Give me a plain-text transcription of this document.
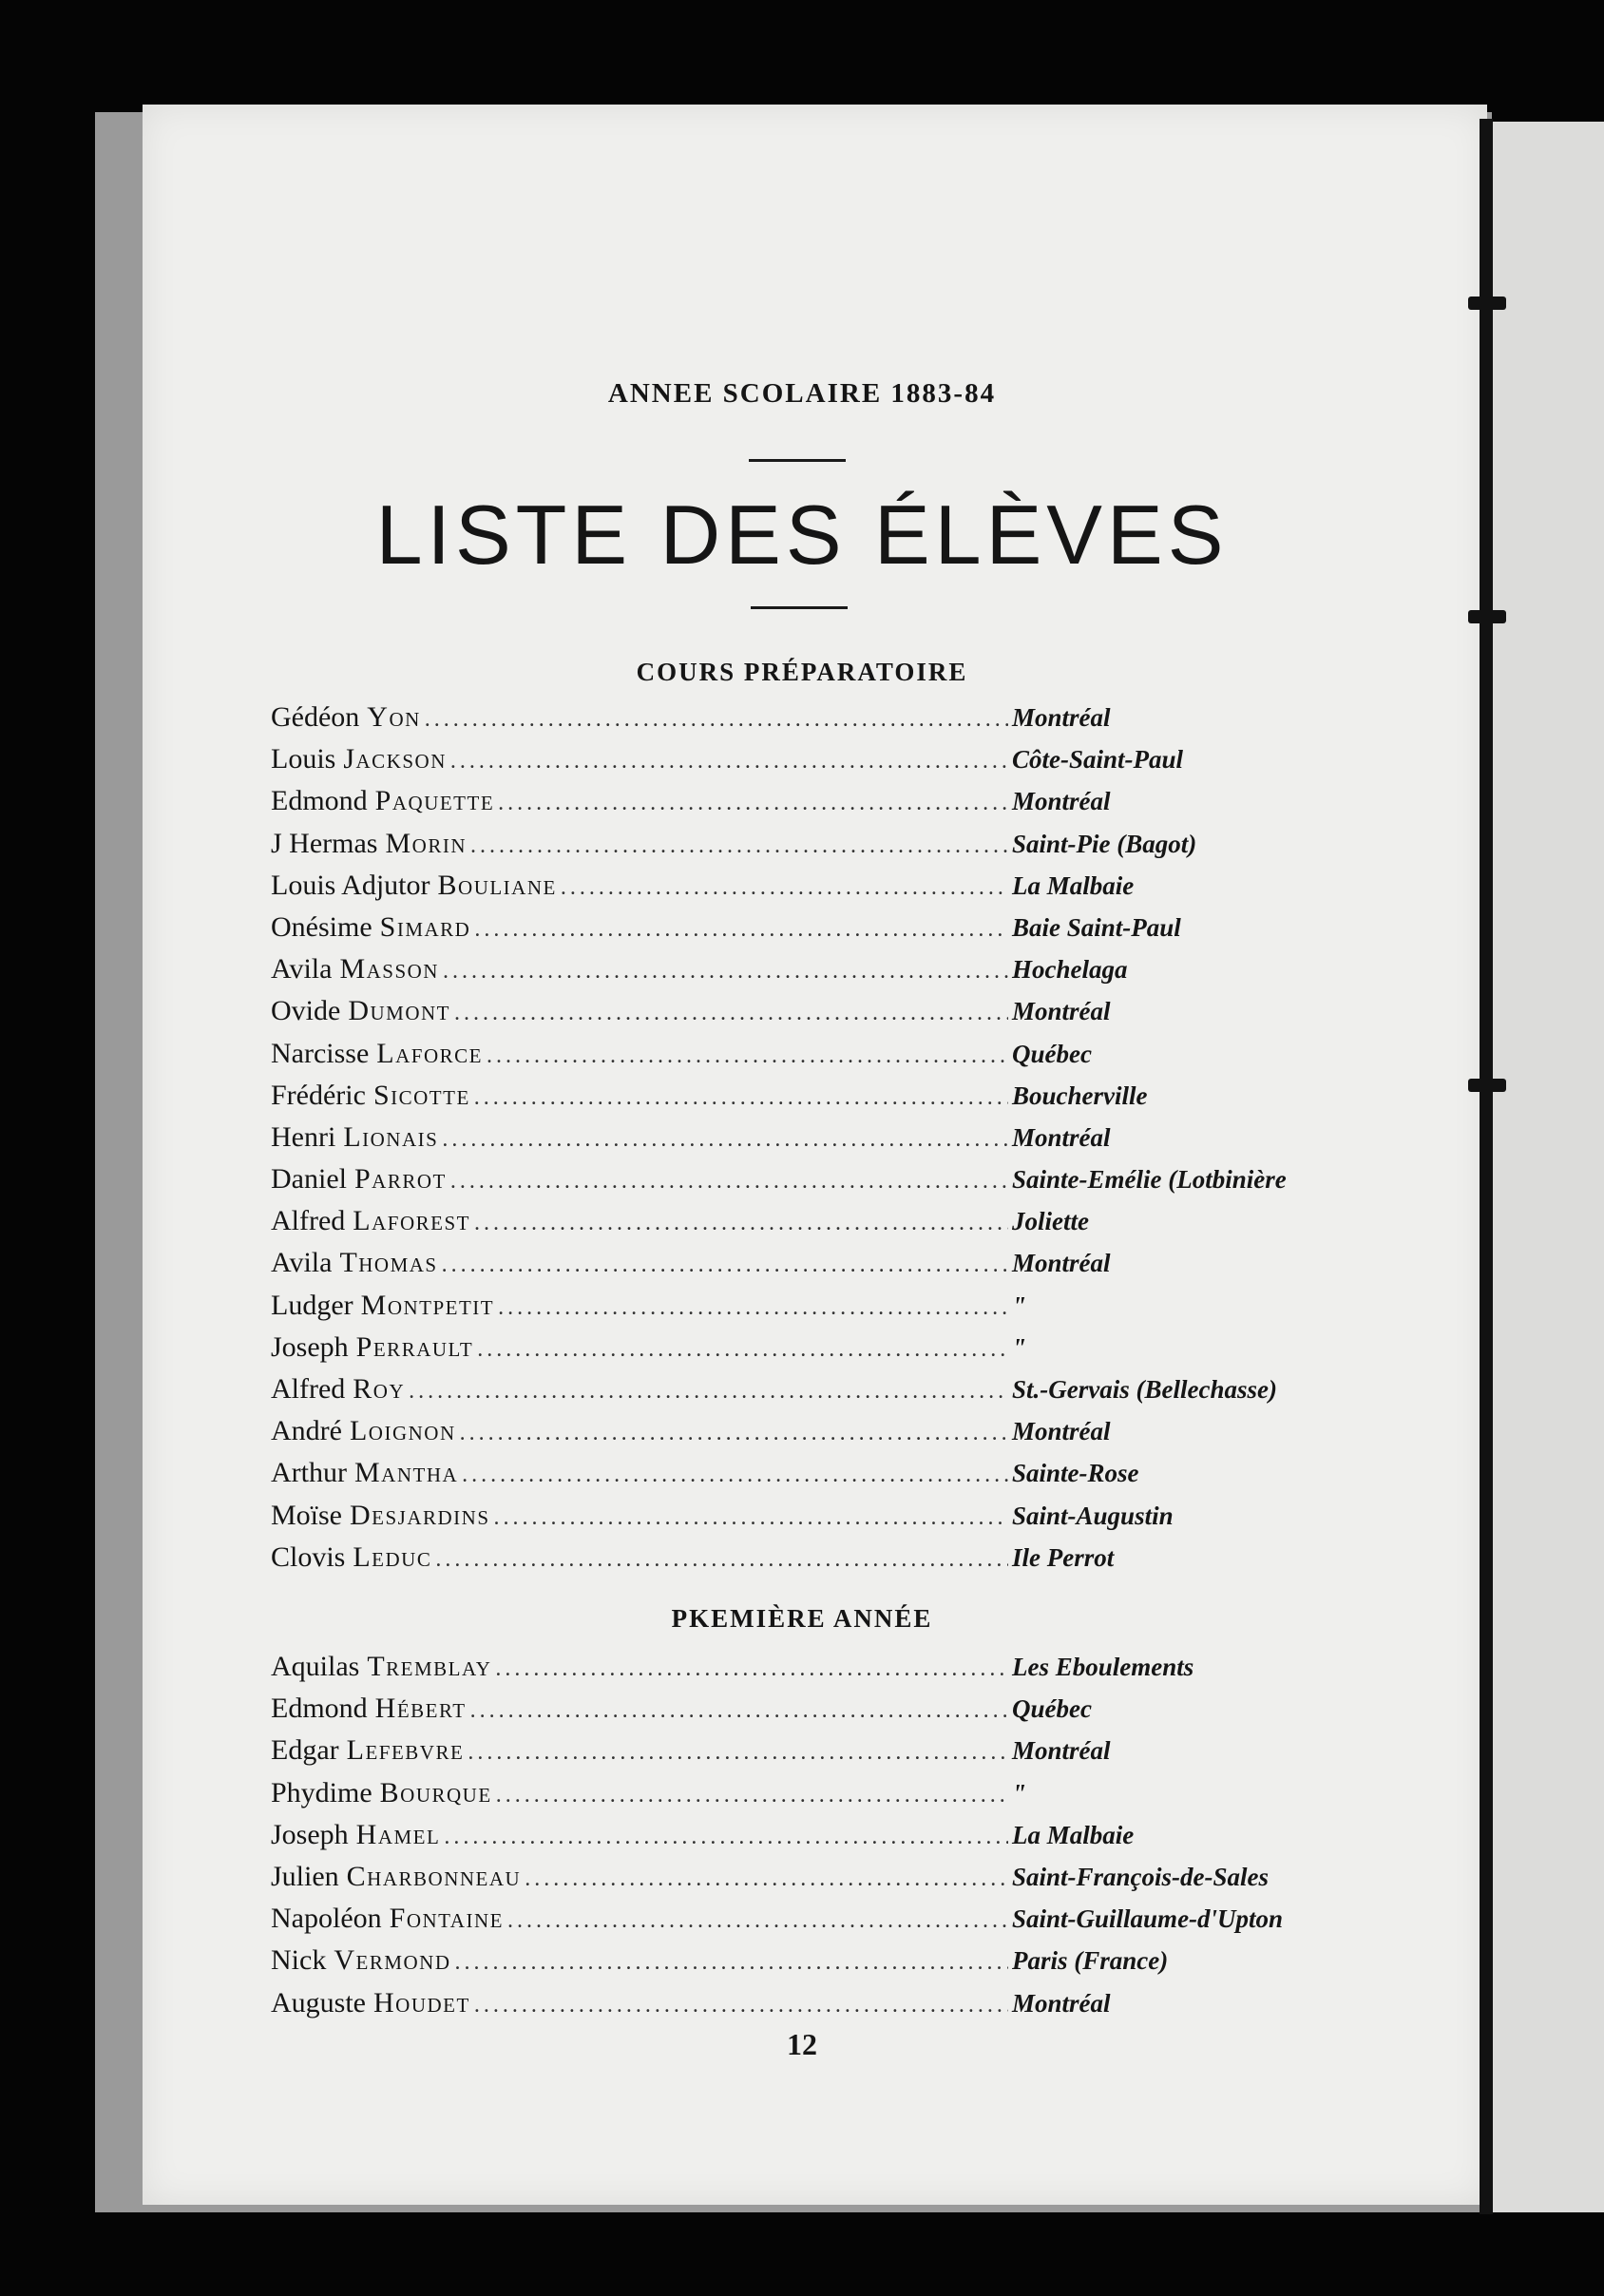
ANNEE SCOLAIRE 1883-84
LISTE DES ÉLÈVES
COURS PRÉPARATOIRE
Gédéon Yon .....	Montréal
Louis Jackson .....	Côte-Saint-Paul
Edmond Paquette .....	Montréal
J Hermas Morin .....	Saint-Pie (Bagot)
Louis Adjutor Bouliane .....	La Malbaie
Onésime Simard .....	Baie Saint-Paul
Avila Masson .....	Hochelaga
Ovide Dumont .....	Montréal
Narcisse Laforce .....	Québec
Frédéric Sicotte .....	Boucherville
Henri Lionais .....	Montréal
Daniel Parrot .....	Sainte-Emélie (Lotbinière
Alfred Laforest .....	Joliette
Avila Thomas .....	Montréal
Ludger Montpetit .....	"
Joseph Perrault .....	"
Alfred Roy .....	St.-Gervais (Bellechasse)
André Loignon .....	Montréal
Arthur Mantha .....	Sainte-Rose
Moïse Desjardins .....	Saint-Augustin
Clovis Leduc .....	Ile Perrot
PKEMIÈRE ANNÉE
Aquilas Tremblay .....	Les Eboulements
Edmond Hébert .....	Québec
Edgar Lefebvre .....	Montréal
Phydime Bourque .....	"
Joseph Hamel .....	La Malbaie
Julien Charbonneau .....	Saint-François-de-Sales
Napoléon Fontaine .....	Saint-Guillaume-d'Upton
Nick Vermond .....	Paris (France)
Auguste Houdet .....	Montréal
12
